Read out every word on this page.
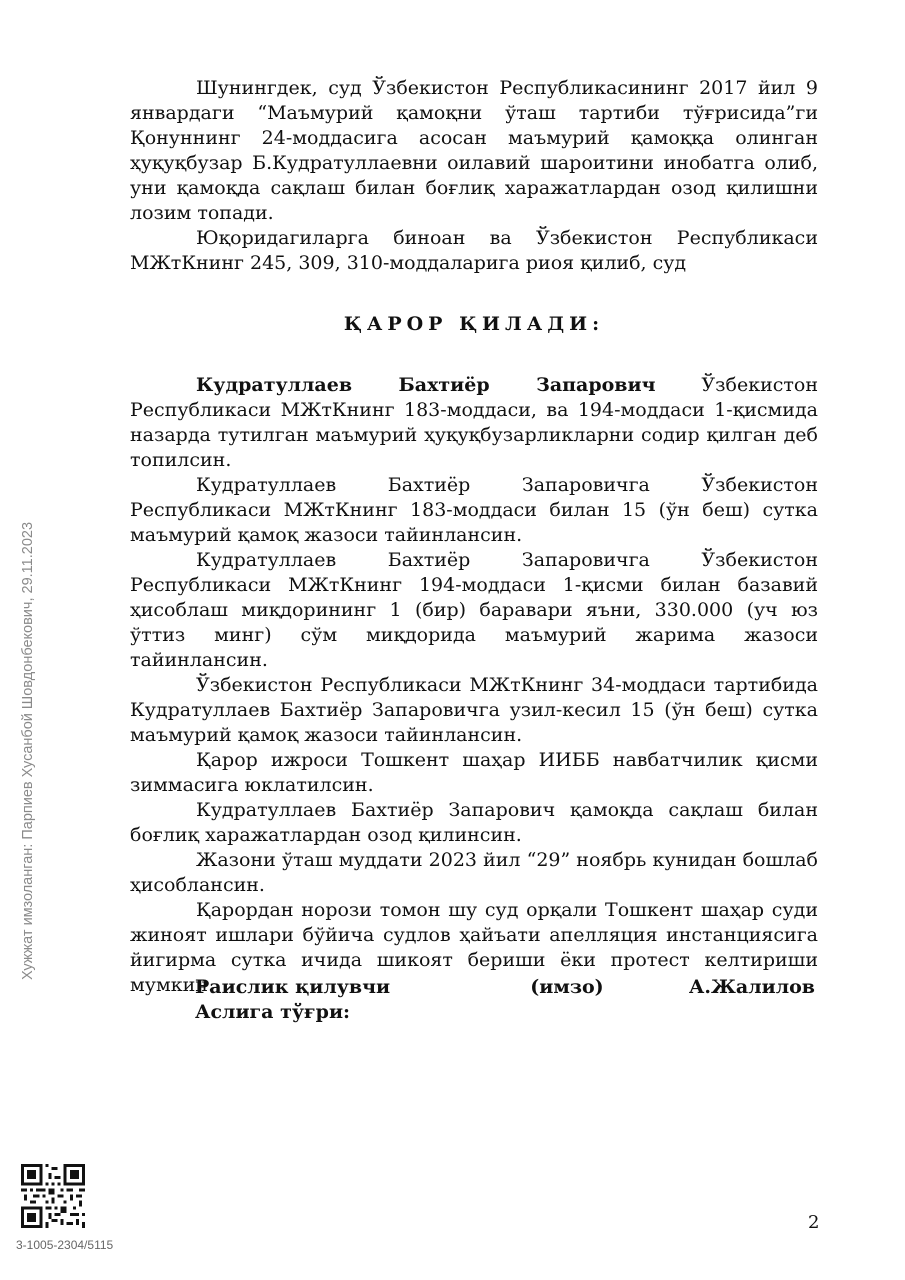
Шунингдек, суд Ўзбекистон Республикасининг 2017 йил 9 январдаги “Маъмурий қамоқни ўташ тартиби тўғрисида”ги Қонуннинг 24-моддасига асосан маъмурий қамоққа олинган ҳуқуқбузар Б.Кудратуллаевни оилавий шароитини инобатга олиб, уни қамоқда сақлаш билан боғлиқ харажатлардан озод қилишни лозим топади.

Юқоридагиларга биноан ва Ўзбекистон Республикаси МЖтКнинг 245, 309, 310-моддаларига риоя қилиб, суд

ҚАРОР ҚИЛАДИ:

Кудратуллаев Бахтиёр Запарович Ўзбекистон Республикаси МЖтКнинг 183-моддаси, ва 194-моддаси 1-қисмида назарда тутилган маъмурий ҳуқуқбузарликларни содир қилган деб топилсин.

Кудратуллаев Бахтиёр Запаровичга Ўзбекистон Республикаси МЖтКнинг 183-моддаси билан 15 (ўн беш) сутка маъмурий қамоқ жазоси тайинлансин.

Кудратуллаев Бахтиёр Запаровичга Ўзбекистон Республикаси МЖтКнинг 194-моддаси 1-қисми билан базавий ҳисоблаш миқдорининг 1 (бир) баравари яъни, 330.000 (уч юз ўттиз минг) сўм миқдорида маъмурий жарима жазоси тайинлансин.

Ўзбекистон Республикаси МЖтКнинг 34-моддаси тартибида Кудратуллаев Бахтиёр Запаровичга узил-кесил 15 (ўн беш) сутка маъмурий қамоқ жазоси тайинлансин.

Қарор ижроси Тошкент шаҳар ИИББ навбатчилик қисми зиммасига юклатилсин.

Кудратуллаев Бахтиёр Запарович қамоқда сақлаш билан боғлиқ харажатлардан озод қилинсин.

Жазони ўташ муддати 2023 йил “29” ноябрь кунидан бошлаб ҳисоблансин.

Қарордан норози томон шу суд орқали Тошкент шаҳар суди жиноят ишлари бўйича судлов ҳайъати апелляция инстанциясига йигирма сутка ичида шикоят бериши ёки протест келтириши мумкин.

Раислик қилувчи	(имзо)	А.Жалилов
Аслига тўғри:
Хужжат имзоланган: Парпиев Хусанбой Шовдонбекович, 29.11.2023
3-1005-2304/5115
2
